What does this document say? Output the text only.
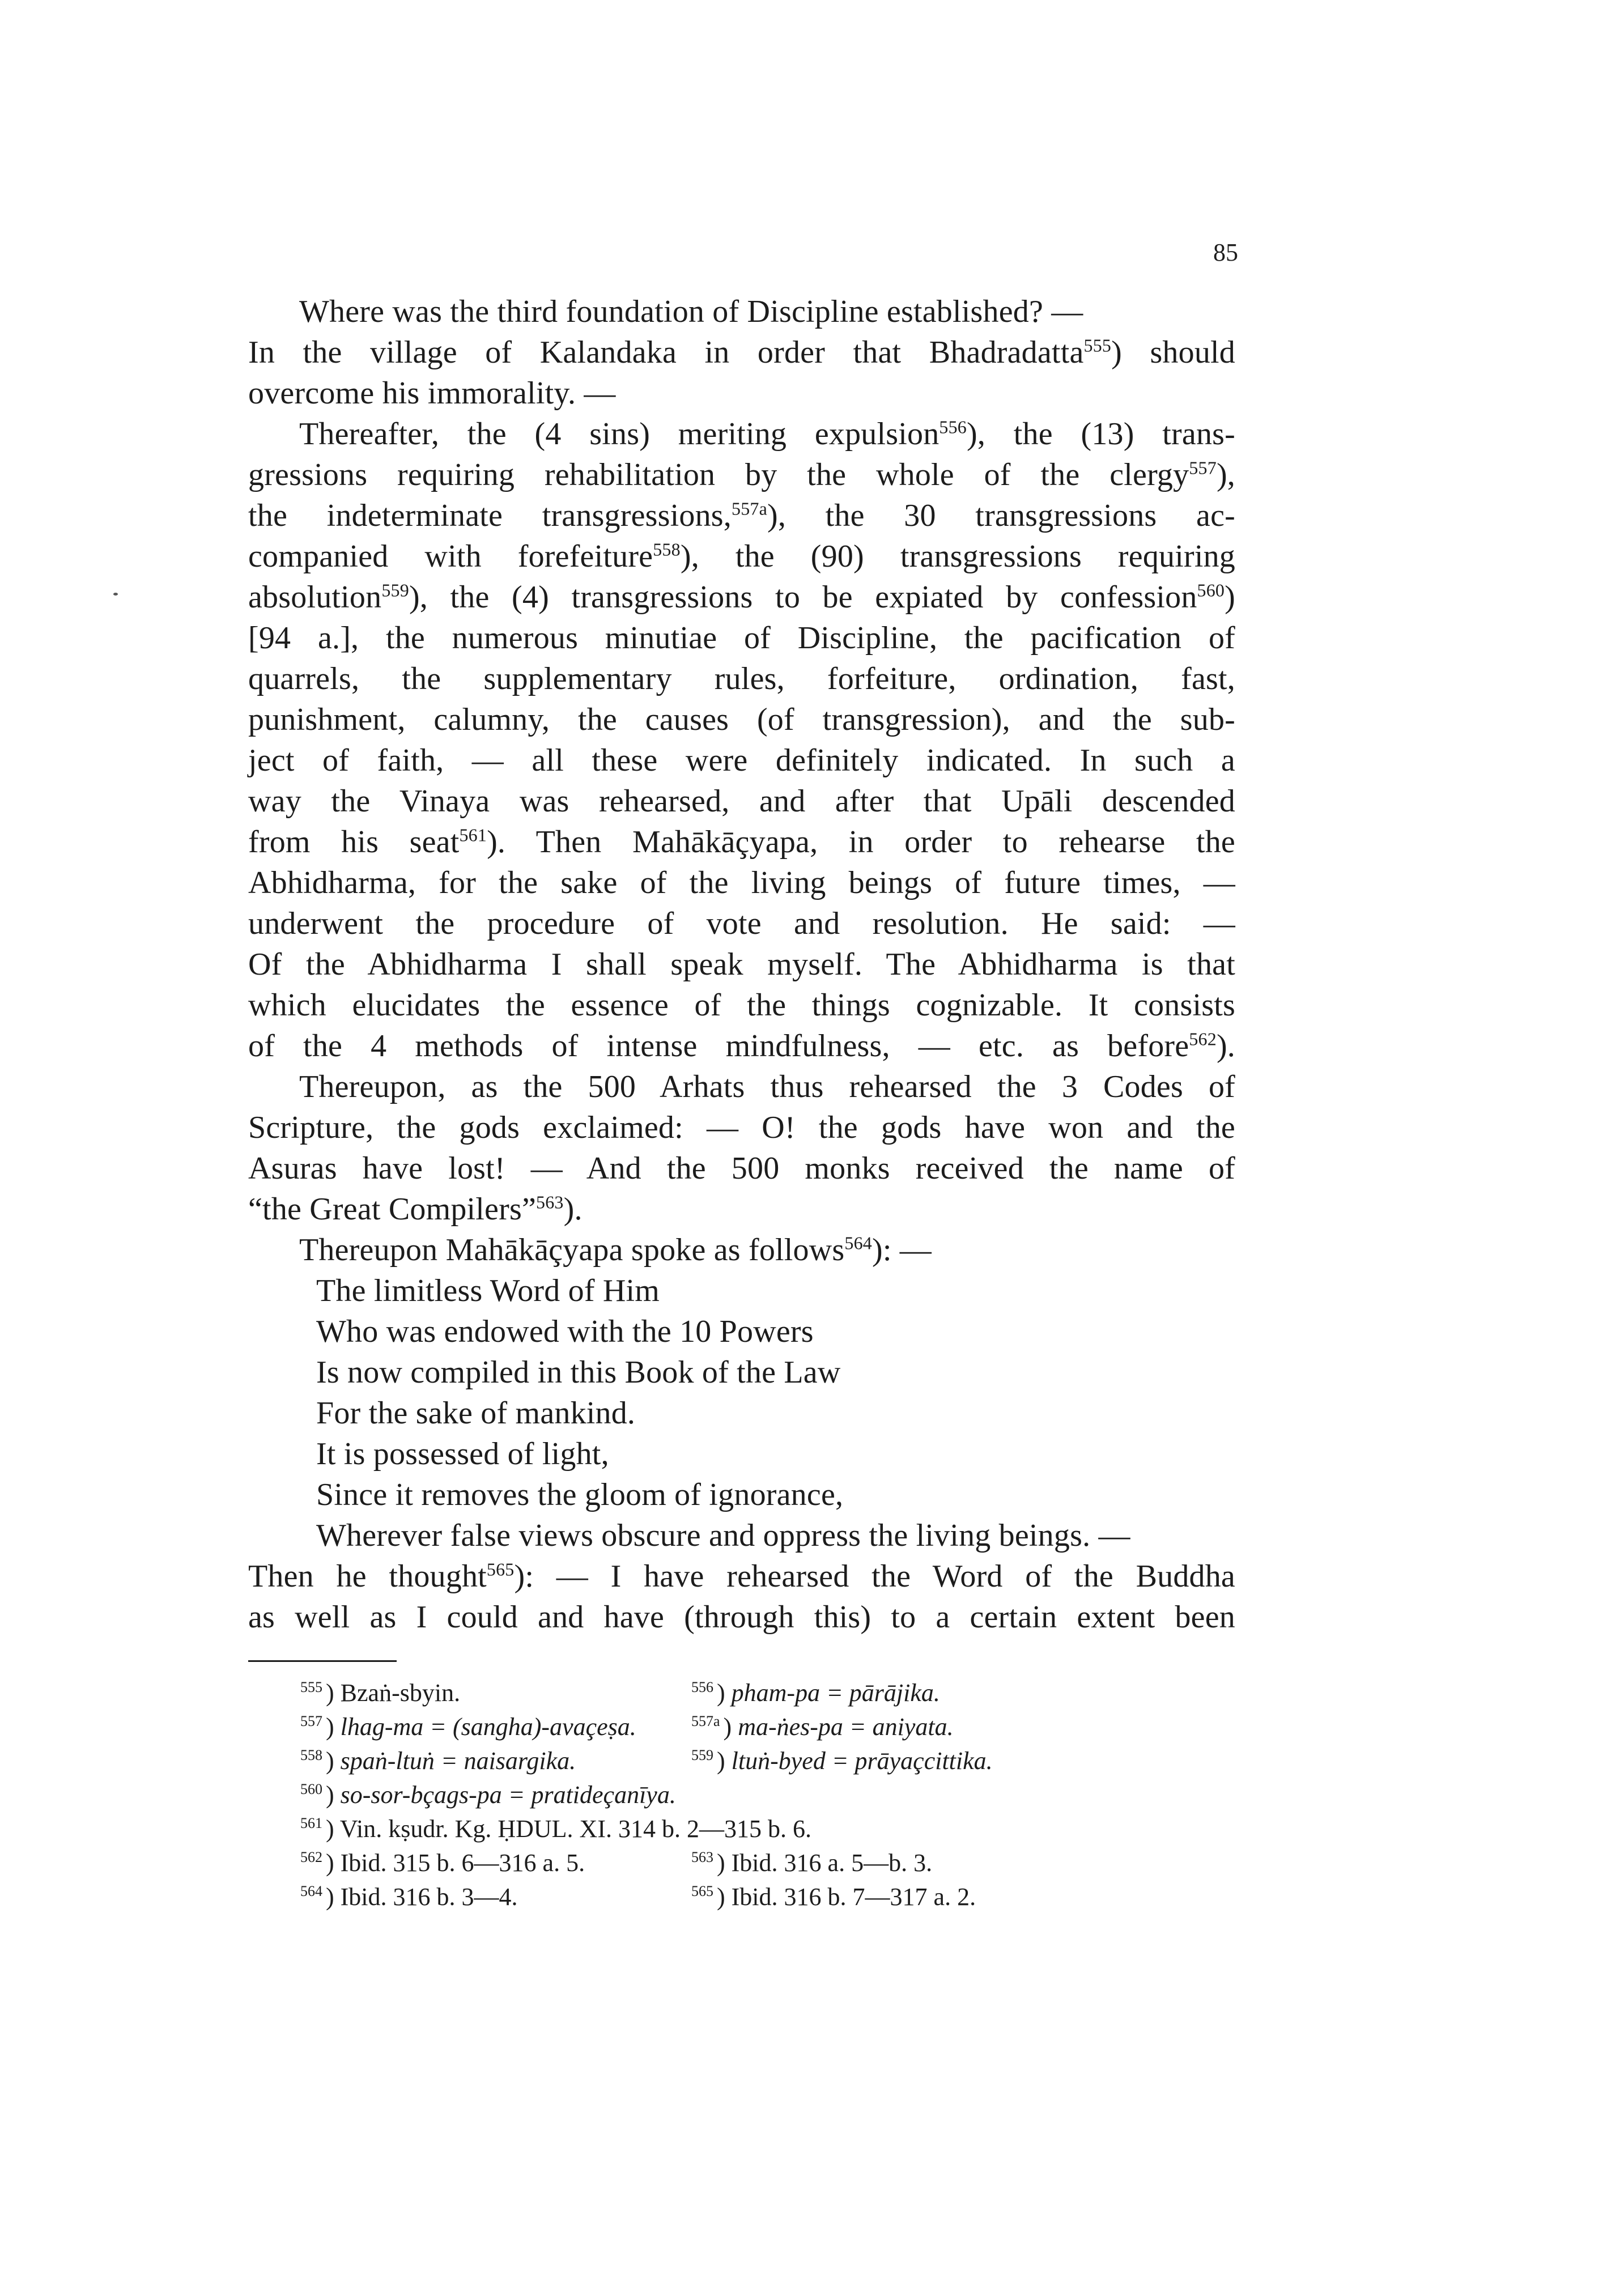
85
Where was the third foundation of Discipline established? —
In the village of Kalandaka in order that Bhadradatta$^{555}$) should
overcome his immorality. —
Thereafter, the (4 sins) meriting expulsion$^{556}$), the (13) trans-
gressions requiring rehabilitation by the whole of the clergy$^{557}$),
the indeterminate transgressions,$^{557a}$), the 30 transgressions ac-
companied with forefeiture$^{558}$), the (90) transgressions requiring
absolution$^{559}$), the (4) transgressions to be expiated by confession$^{560}$)
[94 a.], the numerous minutiae of Discipline, the pacification of
quarrels, the supplementary rules, forfeiture, ordination, fast,
punishment, calumny, the causes (of transgression), and the sub-
ject of faith, — all these were definitely indicated. In such a
way the Vinaya was rehearsed, and after that Upāli descended
from his seat$^{561}$). Then Mahākāçyapa, in order to rehearse the
Abhidharma, for the sake of the living beings of future times, —
underwent the procedure of vote and resolution. He said: —
Of the Abhidharma I shall speak myself. The Abhidharma is that
which elucidates the essence of the things cognizable. It consists
of the 4 methods of intense mindfulness, — etc. as before$^{562}$).
Thereupon, as the 500 Arhats thus rehearsed the 3 Codes of
Scripture, the gods exclaimed: — O! the gods have won and the
Asuras have lost! — And the 500 monks received the name of
“the Great Compilers”$^{563}$).
Thereupon Mahākāçyapa spoke as follows$^{564}$): —
The limitless Word of Him
Who was endowed with the 10 Powers
Is now compiled in this Book of the Law
For the sake of mankind.
It is possessed of light,
Since it removes the gloom of ignorance,
Wherever false views obscure and oppress the living beings. —
Then he thought$^{565}$): — I have rehearsed the Word of the Buddha
as well as I could and have (through this) to a certain extent been
$^{555}$ ) Bzaṅ-sbyin.	$^{556}$ ) pham-pa = pārājika.
$^{557}$ ) lhag-ma = (sangha)-avaçeṣa.	$^{557a}$ ) ma-ṅes-pa = aniyata.
$^{558}$ ) spaṅ-ltuṅ = naisargika.	$^{559}$ ) ltuṅ-byed = prāyaçcittika.
$^{560}$ ) so-sor-bçags-pa = pratideçanīya.
$^{561}$ ) Vin. kṣudr. Kg. ḤDUL. XI. 314 b. 2—315 b. 6.
$^{562}$ ) Ibid. 315 b. 6—316 a. 5.	$^{563}$ ) Ibid. 316 a. 5—b. 3.
$^{564}$ ) Ibid. 316 b. 3—4.	$^{565}$ ) Ibid. 316 b. 7—317 a. 2.
